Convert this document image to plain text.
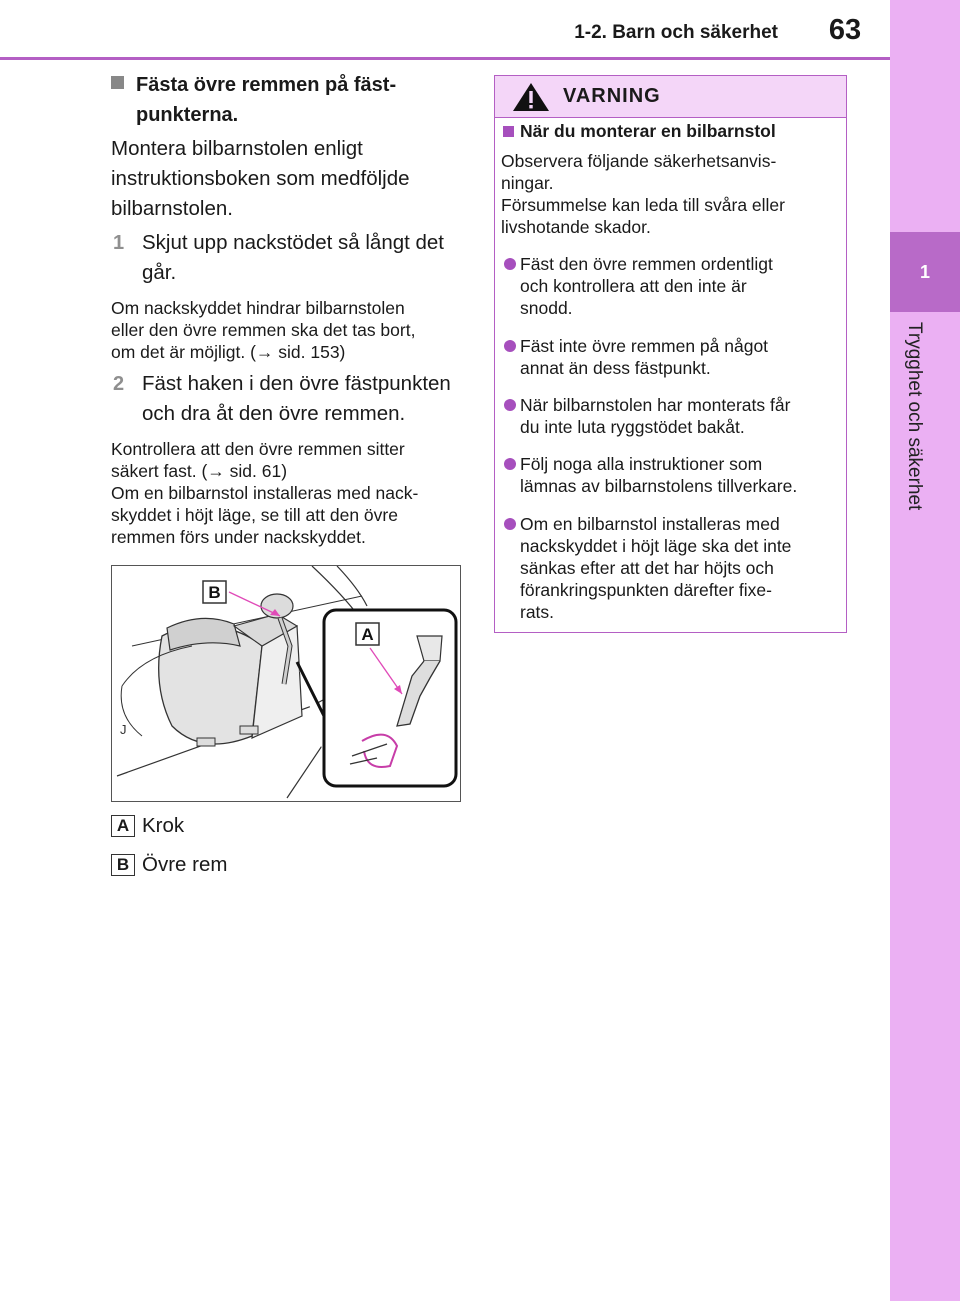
1-2. Barn och säkerhet	63
1
Trygghet och säkerhet
Fästa övre remmen på fäst-punkterna.
Montera bilbarnstolen enligt instruktionsboken som medföljde bilbarnstolen.
1 Skjut upp nackstödet så långt det går.
Om nackskyddet hindrar bilbarnstolen
eller den övre remmen ska det tas bort,
om det är möjligt. (→ sid. 153)
2 Fäst haken i den övre fästpunkten och dra åt den övre remmen.
Kontrollera att den övre remmen sitter
säkert fast. (→ sid. 61)
Om en bilbarnstol installeras med nack-
skyddet i höjt läge, se till att den övre
remmen förs under nackskyddet.
B
A
J
A Krok
B Övre rem
VARNING
När du monterar en bilbarnstol
Observera följande säkerhetsanvis-
ningar.
Försummelse kan leda till svåra eller
livshotande skador.
Fäst den övre remmen ordentligt
och kontrollera att den inte är
snodd.
Fäst inte övre remmen på något
annat än dess fästpunkt.
När bilbarnstolen har monterats får
du inte luta ryggstödet bakåt.
Följ noga alla instruktioner som
lämnas av bilbarnstolens tillverkare.
Om en bilbarnstol installeras med
nackskyddet i höjt läge ska det inte
sänkas efter att det har höjts och
förankringspunkten därefter fixe-
rats.
